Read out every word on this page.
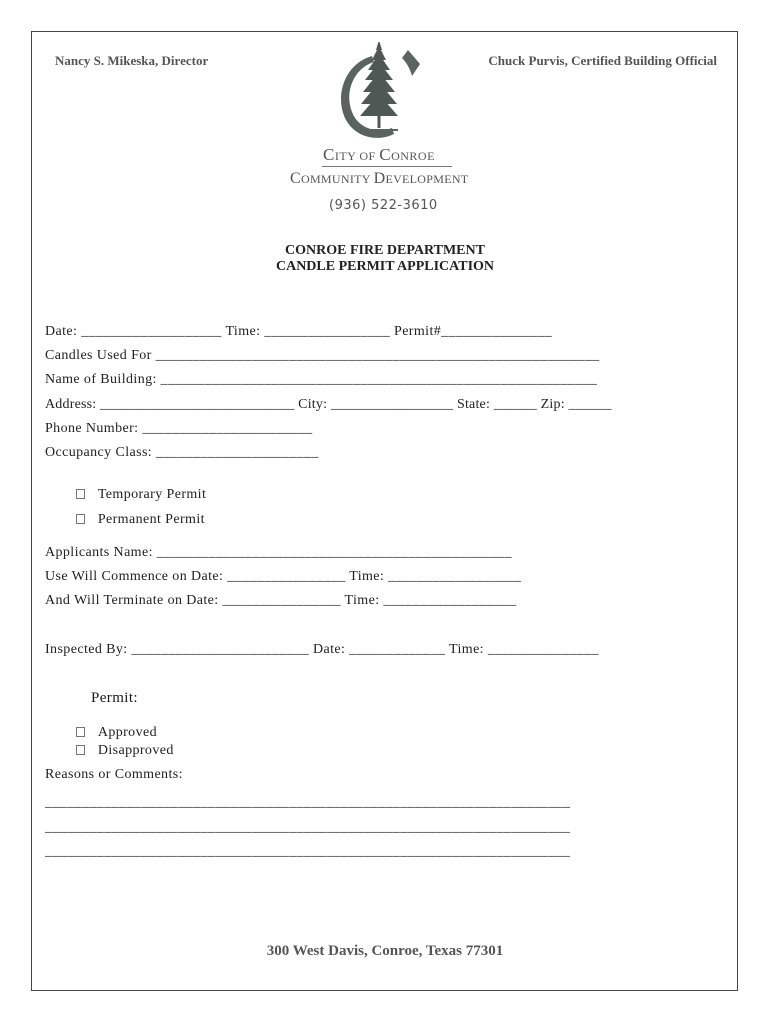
Nancy S. Mikeska, Director	Chuck Purvis, Certified Building Official
CITY OF CONROE
COMMUNITY DEVELOPMENT
(936) 522-3610
CONROE FIRE DEPARTMENT
CANDLE PERMIT APPLICATION
Date: ___________________ Time: _________________ Permit#_______________
Candles Used For ____________________________________________________________
Name of Building: ___________________________________________________________
Address: ___________________________ City: _________________ State: ______ Zip: ______
Phone Number: _______________________
Occupancy Class: ______________________

Temporary Permit

Permanent Permit

Applicants Name: ________________________________________________
Use Will Commence on Date: ________________ Time: __________________
And Will Terminate on Date: ________________ Time: __________________
Inspected By: ________________________ Date: _____________ Time: _______________
Permit:

Approved

Disapproved

Reasons or Comments:
_______________________________________________________________________
_______________________________________________________________________
_______________________________________________________________________
300 West Davis, Conroe, Texas 77301
